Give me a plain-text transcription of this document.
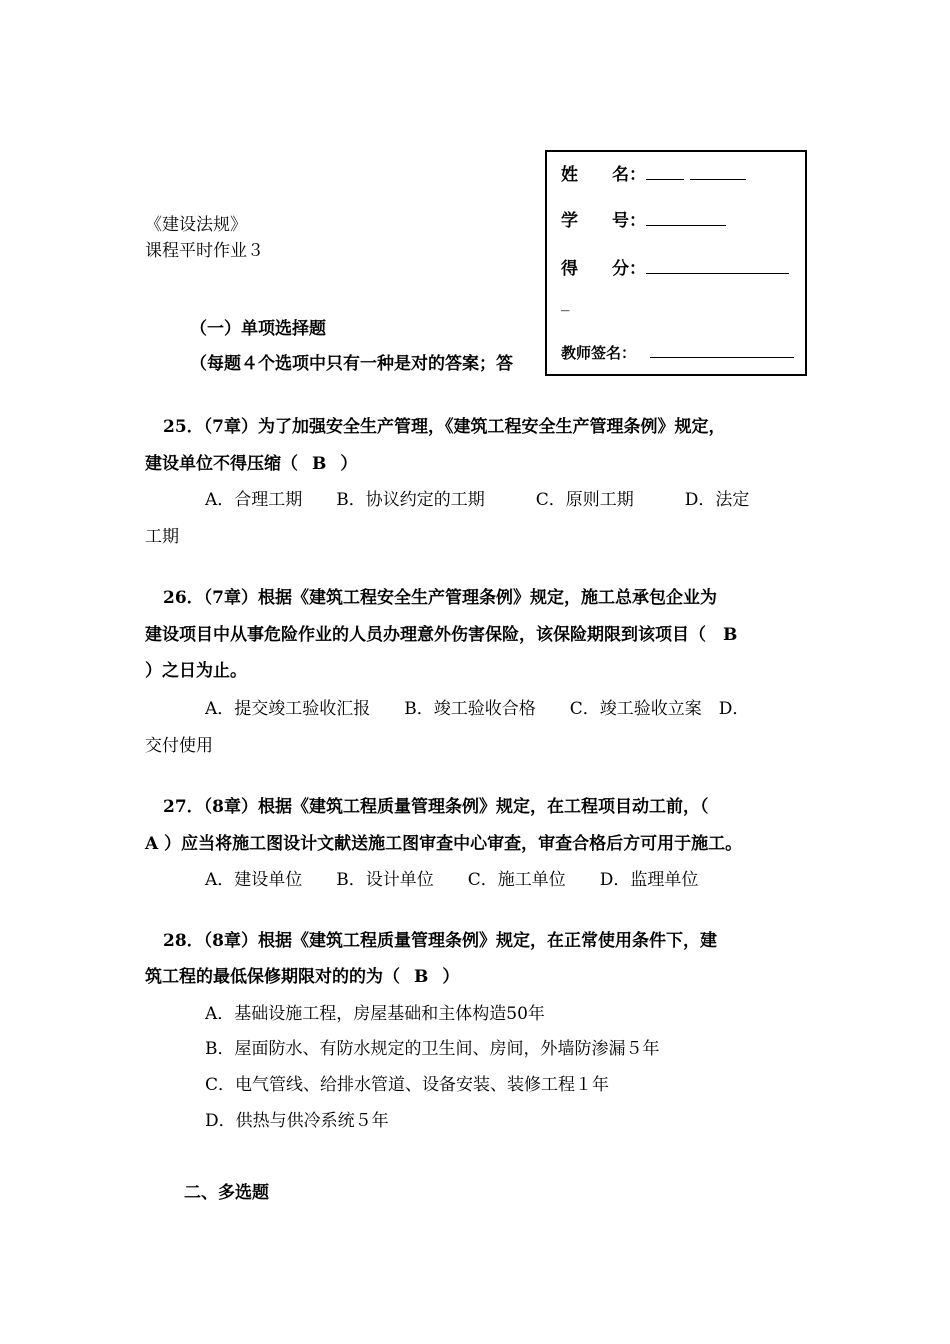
《建设法规》
课程平时作业３
（一）单项选择题
（每题４个选项中只有一种是对的答案；答
姓　　名：
学　　号：
得　　分：
_
教师签名：
25．（7章）为了加强安全生产管理，《建筑工程安全生产管理条例》规定，
建设单位不得压缩（ B ）
A．合理工期　　B．协议约定的工期　　　C．原则工期　　　D．法定
工期
26．（7章）根据《建筑工程安全生产管理条例》规定，施工总承包企业为
建设项目中从事危险作业的人员办理意外伤害保险，该保险期限到该项目（　B
）之日为止。
A．提交竣工验收汇报　　B．竣工验收合格　　C．竣工验收立案　D．
交付使用
27．（8章）根据《建筑工程质量管理条例》规定，在工程项目动工前，（
A ）应当将施工图设计文献送施工图审查中心审查，审查合格后方可用于施工。
A．建设单位　　B．设计单位　　C．施工单位　　D．监理单位
28．（8章）根据《建筑工程质量管理条例》规定，在正常使用条件下，建
筑工程的最低保修期限对的的为（ B ）
A．基础设施工程，房屋基础和主体构造50年
B．屋面防水、有防水规定的卫生间、房间，外墙防渗漏５年
C．电气管线、给排水管道、设备安装、装修工程１年
D．供热与供冷系统５年
二、多选题
